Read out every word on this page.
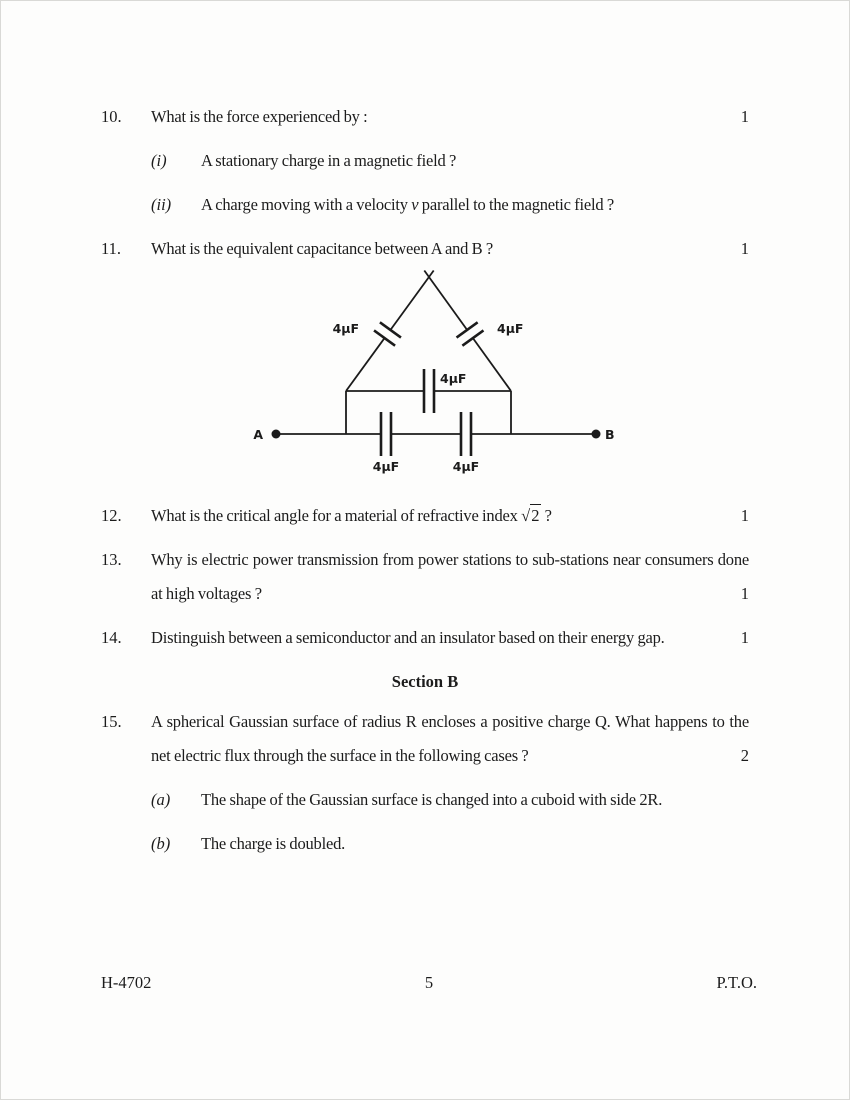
10.	What is the force experienced by :	1
(i)	A stationary charge in a magnetic field ?
(ii)	A charge moving with a velocity v parallel to the magnetic field ?
11.	What is the equivalent capacitance between A and B ?	1
4μF	4μF
4μF
4μF	4μF
A	B
12.	What is the critical angle for a material of refractive index √2 ?	1
13.	Why is electric power transmission from power stations to sub-stations near consumers done at high voltages ?	1
14.	Distinguish between a semiconductor and an insulator based on their energy gap.	1
Section B
15.	A spherical Gaussian surface of radius R encloses a positive charge Q. What happens to the net electric flux through the surface in the following cases ?	2
(a)	The shape of the Gaussian surface is changed into a cuboid with side 2R.
(b)	The charge is doubled.
H-4702	5	P.T.O.
